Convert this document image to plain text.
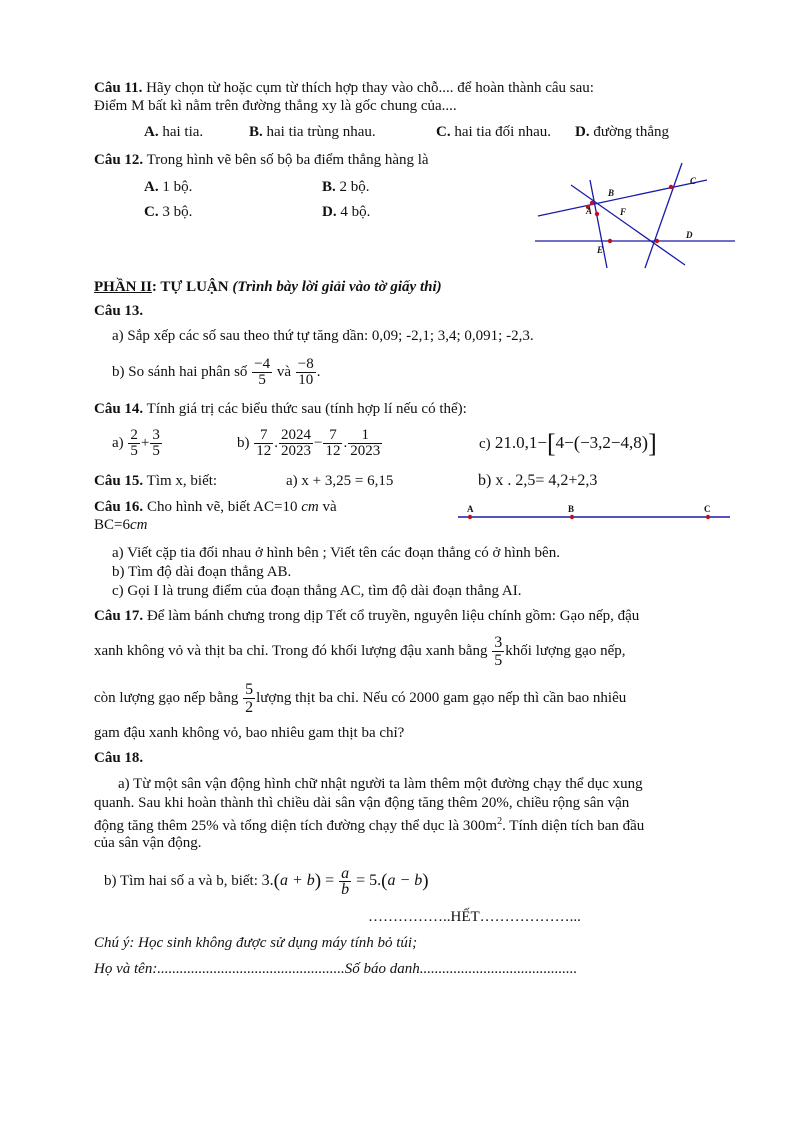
Câu 11. Hãy chọn từ hoặc cụm từ thích hợp thay vào chỗ.... để hoàn thành câu sau:
Điểm M bất kì nằm trên đường thẳng xy là gốc chung của....
A. hai tia.	B. hai tia trùng nhau.	C. hai tia đối nhau. D. đường thẳng
Câu 12. Trong hình vẽ bên số bộ ba điểm thẳng hàng là
A. 1 bộ.	B. 2 bộ.
C. 3 bộ.	D. 4 bộ.
B
C
A	F
D
E
PHẦN II: TỰ LUẬN (Trình bày lời giải vào tờ giấy thi)
Câu 13.
a) Sắp xếp các số sau theo thứ tự tăng dần: 0,09; -2,1; 3,4; 0,091; -2,3.
b) So sánh hai phân số $\frac{-4}{5}$ và $\frac{-8}{10}$ .
Câu 14. Tính giá trị các biểu thức sau (tính hợp lí nếu có thể):
$a) \frac{2}{5} + \frac{3}{5}$	$b) \frac{7}{12}$ . $\frac{2024}{2023} - \frac{7}{12}$ . $\frac{1}{2023}$	c) 21.0,1−[4−(−3,2−4,8)]
Câu 15. Tìm x, biết:	a) x + 3,25 = 6,15	b) x . 2,5= 4,2+2,3
Câu 16. Cho hình vẽ, biết AC=10 cm và
BC=6cm
A	B	C
a) Viết cặp tia đối nhau ở hình bên ; Viết tên các đoạn thẳng có ở hình bên.
b) Tìm độ dài đoạn thẳng AB.
c) Gọi I là trung điểm của đoạn thẳng AC, tìm độ dài đoạn thẳng AI.
Câu 17. Để làm bánh chưng trong dịp Tết cổ truyền, nguyên liệu chính gồm: Gạo nếp, đậu
xanh không vỏ và thịt ba chỉ. Trong đó khối lượng đậu xanh bằng $\frac{3}{5}$ khối lượng gạo nếp,
còn lượng gạo nếp bằng $\frac{5}{2}$ lượng thịt ba chỉ. Nếu có 2000 gam gạo nếp thì cần bao nhiêu
gam đậu xanh không vỏ, bao nhiêu gam thịt ba chỉ?
Câu 18.
a) Từ một sân vận động hình chữ nhật người ta làm thêm một đường chạy thể dục xung
quanh. Sau khi hoàn thành thì chiều dài sân vận động tăng thêm 20%, chiều rộng sân vận
động tăng thêm 25% và tổng diện tích đường chạy thể dục là $300m^2$. Tính diện tích ban đầu
của sân vận động.
b) Tìm hai số a và b, biết: $3.(a + b) = \frac{a}{b} = 5.(a - b)$
……………..HẾT………………...
Chú ý: Học sinh không được sử dụng máy tính bỏ túi;
Họ và tên:..................................................Số báo danh..........................................
